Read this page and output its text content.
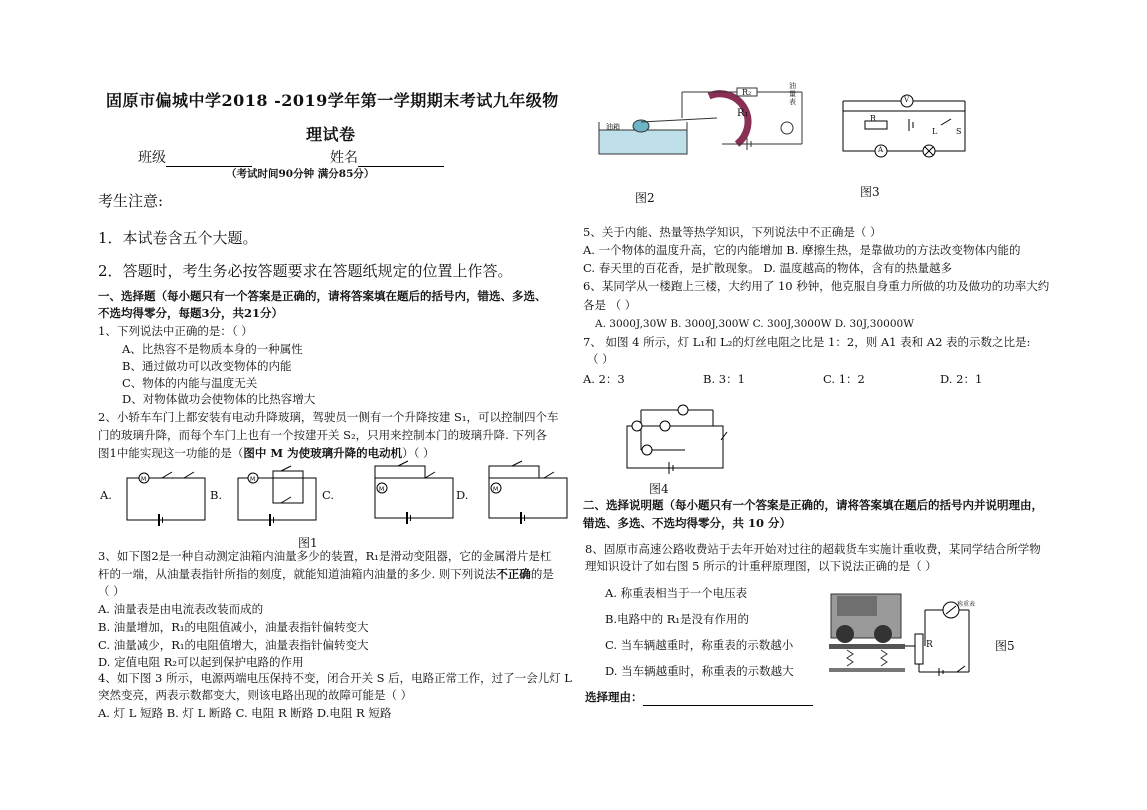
固原市偏城中学2018 -2019学年第一学期期末考试九年级物
理试卷
班级	姓名
（考试时间90分钟 满分85分）
考生注意:
1．本试卷含五个大题。
2．答题时，考生务必按答题要求在答题纸规定的位置上作答。
一、选择题（每小题只有一个答案是正确的，请将答案填在题后的括号内，错选、多选、
不选均得零分，每题3分，共21分）
1、下列说法中正确的是：（ ）
A、比热容不是物质本身的一种属性
B、通过做功可以改变物体的内能
C、物体的内能与温度无关
D、对物体做功会使物体的比热容增大
2、小轿车车门上都安装有电动升降玻璃，驾驶员一侧有一个升降按建 S₁，可以控制四个车
门的玻璃升降，而每个车门上也有一个按建开关 S₂，只用来控制本门的玻璃升降. 下列各
图1中能实现这一功能的是（图中 M 为使玻璃升降的电动机）（ ）
A.	B.	C.	D.
M	M
M	M
图1
3、如下图2是一种自动测定油箱内油量多少的装置，R₁是滑动变阻器，它的金属滑片是杠
杆的一端，从油量表指针所指的刻度，就能知道油箱内油量的多少. 则下列说法不正确的是
（ ）
A. 油量表是由电流表改装而成的
B. 油量增加，R₁的电阻值减小，油量表指针偏转变大
C. 油量减少，R₁的电阻值增大，油量表指针偏转变大
D. 定值电阻 R₂可以起到保护电路的作用
4、如下图 3 所示，电源两端电压保持不变，闭合开关 S 后，电路正常工作，过了一会儿灯 L
突然变亮，两表示数都变大，则该电路出现的故障可能是（ ）
A. 灯 L 短路 B. 灯 L 断路 C. 电阻 R 断路 D.电阻 R 短路
油箱
R₂
R₁
油量表
图2
V
R
L S
A
图3
5、关于内能、热量等热学知识，下列说法中不正确是（ ）
A. 一个物体的温度升高，它的内能增加 B. 摩擦生热，是靠做功的方法改变物体内能的
C. 春天里的百花香，是扩散现象。 D. 温度越高的物体，含有的热量越多
6、某同学从一楼跑上三楼，大约用了 10 秒钟，他克服自身重力所做的功及做功的功率大约
各是 （ ）
A. 3000J,30W B. 3000J,300W C. 300J,3000W D. 30J,30000W
7、 如图 4 所示，灯 L₁和 L₂的灯丝电阻之比是 1：2，则 A1 表和 A2 表的示数之比是:
（ ）
A. 2：3	B. 3：1	C. 1：2	D. 2：1
图4
二、选择说明题（每小题只有一个答案是正确的，请将答案填在题后的括号内并说明理由，
错选、多选、不选均得零分，共 10 分）
8、固原市高速公路收费站于去年开始对过往的超载货车实施计重收费，某同学结合所学物
理知识设计了如右图 5 所示的计重秤原理图，以下说法正确的是（ ）
A. 称重表相当于一个电压表
B.电路中的 R₁是没有作用的
C. 当车辆越重时，称重表的示数越小
D. 当车辆越重时，称重表的示数越大
选择理由：
称重表
R	图5
